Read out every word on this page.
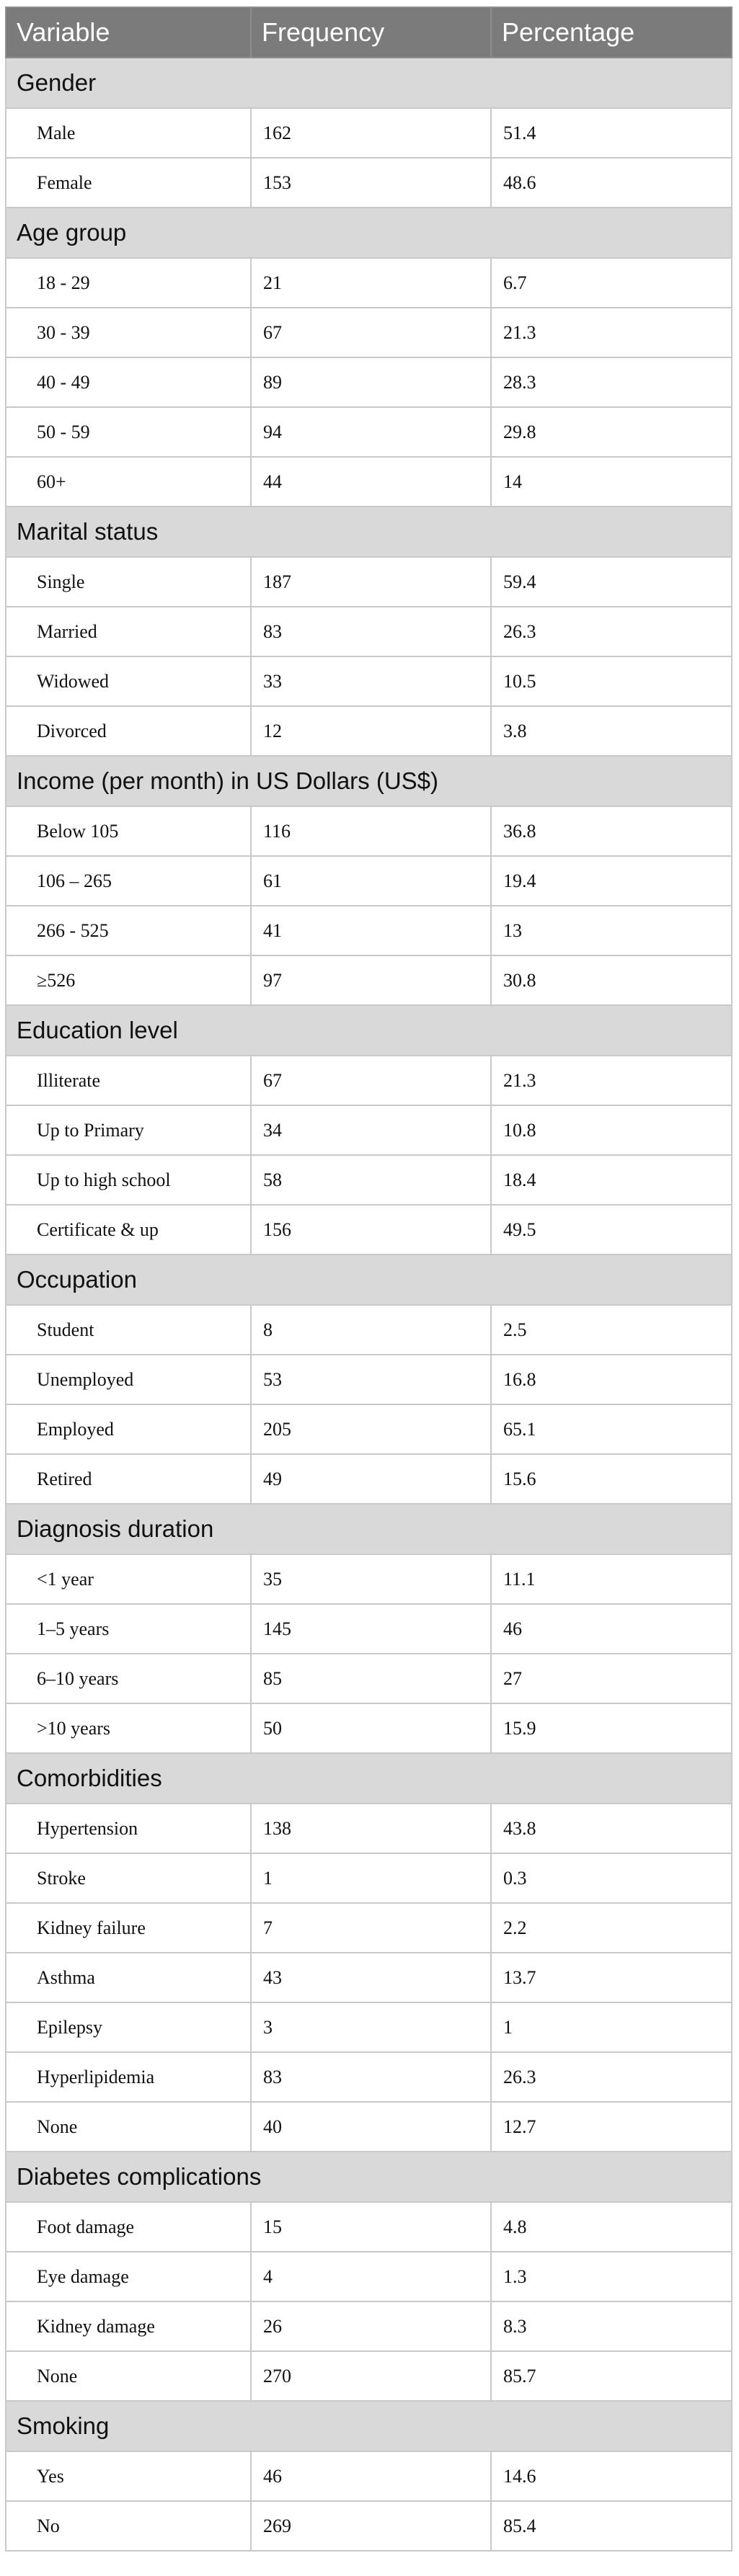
Variable	Frequency	Percentage
Gender		
Male	162	51.4
Female	153	48.6
Age group		
18 - 29	21	6.7
30 - 39	67	21.3
40 - 49	89	28.3
50 - 59	94	29.8
60+	44	14
Marital status		
Single	187	59.4
Married	83	26.3
Widowed	33	10.5
Divorced	12	3.8
Income (per month) in US Dollars (US$)		
Below 105	116	36.8
106 – 265	61	19.4
266 - 525	41	13
≥526	97	30.8
Education level		
Illiterate	67	21.3
Up to Primary	34	10.8
Up to high school	58	18.4
Certificate & up	156	49.5
Occupation		
Student	8	2.5
Unemployed	53	16.8
Employed	205	65.1
Retired	49	15.6
Diagnosis duration		
<1 year	35	11.1
1–5 years	145	46
6–10 years	85	27
>10 years	50	15.9
Comorbidities		
Hypertension	138	43.8
Stroke	1	0.3
Kidney failure	7	2.2
Asthma	43	13.7
Epilepsy	3	1
Hyperlipidemia	83	26.3
None	40	12.7
Diabetes complications		
Foot damage	15	4.8
Eye damage	4	1.3
Kidney damage	26	8.3
None	270	85.7
Smoking		
Yes	46	14.6
No	269	85.4
